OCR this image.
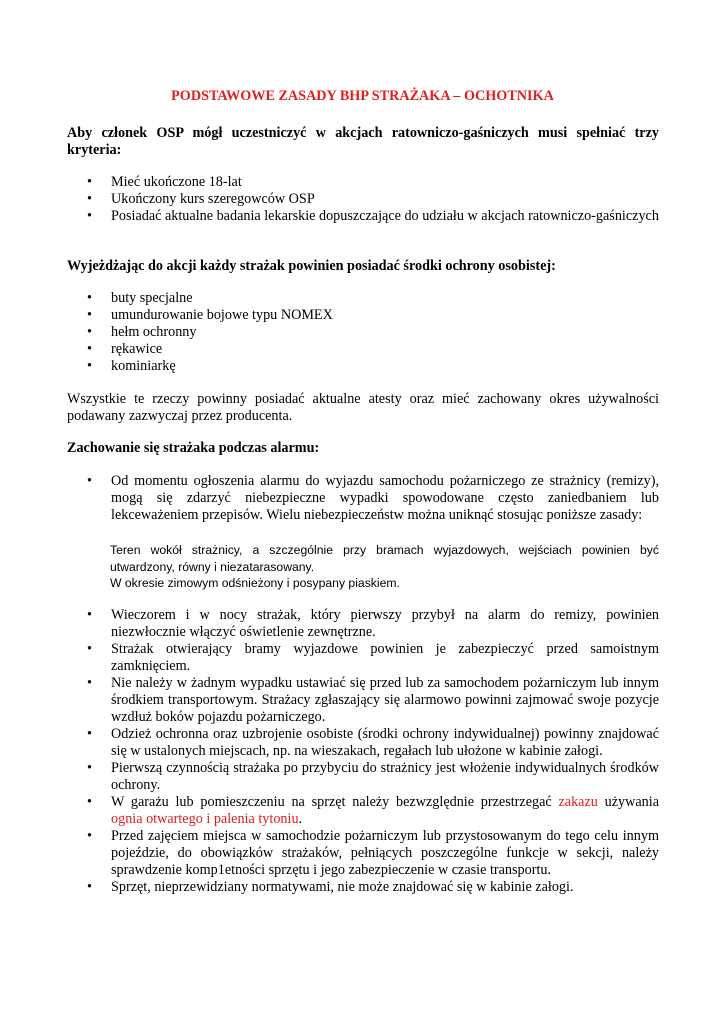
PODSTAWOWE ZASADY BHP STRAŻAKA – OCHOTNIKA
Aby członek OSP mógł uczestniczyć w akcjach ratowniczo-gaśniczych musi spełniać trzy kryteria:
• Mieć ukończone 18-lat
• Ukończony kurs szeregowców OSP
• Posiadać aktualne badania lekarskie dopuszczające do udziału w akcjach ratowniczo-gaśniczych
Wyjeżdżając do akcji każdy strażak powinien posiadać środki ochrony osobistej:
• buty specjalne
• umundurowanie bojowe typu NOMEX
• hełm ochronny
• rękawice
• kominiarkę
Wszystkie te rzeczy powinny posiadać aktualne atesty oraz mieć zachowany okres używalności podawany zazwyczaj przez producenta.
Zachowanie się strażaka podczas alarmu:
• Od momentu ogłoszenia alarmu do wyjazdu samochodu pożarniczego ze strażnicy (remizy), mogą się zdarzyć niebezpieczne wypadki spowodowane często zaniedbaniem lub lekceważeniem przepisów. Wielu niebezpieczeństw można uniknąć stosując poniższe zasady:
Teren wokół strażnicy, a szczególnie przy bramach wyjazdowych, wejściach powinien być utwardzony, równy i niezatarasowany.
W okresie zimowym odśnieżony i posypany piaskiem.
• Wieczorem i w nocy strażak, który pierwszy przybył na alarm do remizy, powinien niezwłocznie włączyć oświetlenie zewnętrzne.
• Strażak otwierający bramy wyjazdowe powinien je zabezpieczyć przed samoistnym zamknięciem.
• Nie należy w żadnym wypadku ustawiać się przed lub za samochodem pożarniczym lub innym środkiem transportowym. Strażacy zgłaszający się alarmowo powinni zajmować swoje pozycje wzdłuż boków pojazdu pożarniczego.
• Odzież ochronna oraz uzbrojenie osobiste (środki ochrony indywidualnej) powinny znajdować się w ustalonych miejscach, np. na wieszakach, regałach lub ułożone w kabinie załogi.
• Pierwszą czynnością strażaka po przybyciu do strażnicy jest włożenie indywidualnych środków ochrony.
• W garażu lub pomieszczeniu na sprzęt należy bezwzględnie przestrzegać zakazu używania ognia otwartego i palenia tytoniu.
• Przed zajęciem miejsca w samochodzie pożarniczym lub przystosowanym do tego celu innym pojeździe, do obowiązków strażaków, pełniących poszczególne funkcje w sekcji, należy sprawdzenie komp1etności sprzętu i jego zabezpieczenie w czasie transportu.
• Sprzęt, nieprzewidziany normatywami, nie może znajdować się w kabinie załogi.
